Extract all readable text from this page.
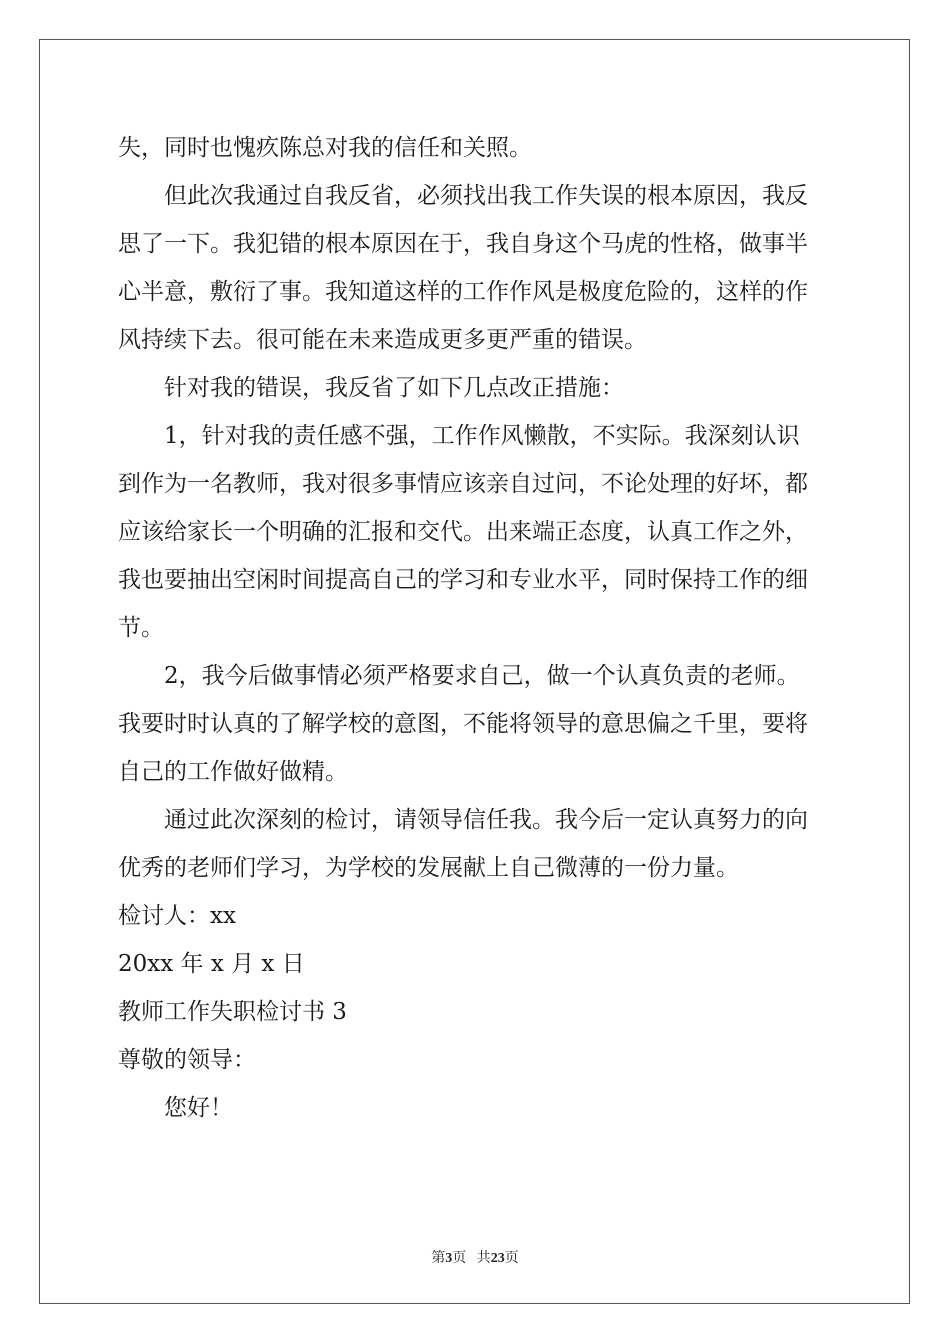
失，同时也愧疚陈总对我的信任和关照。
但此次我通过自我反省，必须找出我工作失误的根本原因，我反
思了一下。我犯错的根本原因在于，我自身这个马虎的性格，做事半
心半意，敷衍了事。我知道这样的工作作风是极度危险的，这样的作
风持续下去。很可能在未来造成更多更严重的错误。
针对我的错误，我反省了如下几点改正措施：
1，针对我的责任感不强，工作作风懒散，不实际。我深刻认识
到作为一名教师，我对很多事情应该亲自过问，不论处理的好坏，都
应该给家长一个明确的汇报和交代。出来端正态度，认真工作之外，
我也要抽出空闲时间提高自己的学习和专业水平，同时保持工作的细
节。
2，我今后做事情必须严格要求自己，做一个认真负责的老师。
我要时时认真的了解学校的意图，不能将领导的意思偏之千里，要将
自己的工作做好做精。
通过此次深刻的检讨，请领导信任我。我今后一定认真努力的向
优秀的老师们学习，为学校的发展献上自己微薄的一份力量。
检讨人：xx
20xx 年 x 月 x 日
教师工作失职检讨书 3
尊敬的领导：
您好！
第3页 共23页
